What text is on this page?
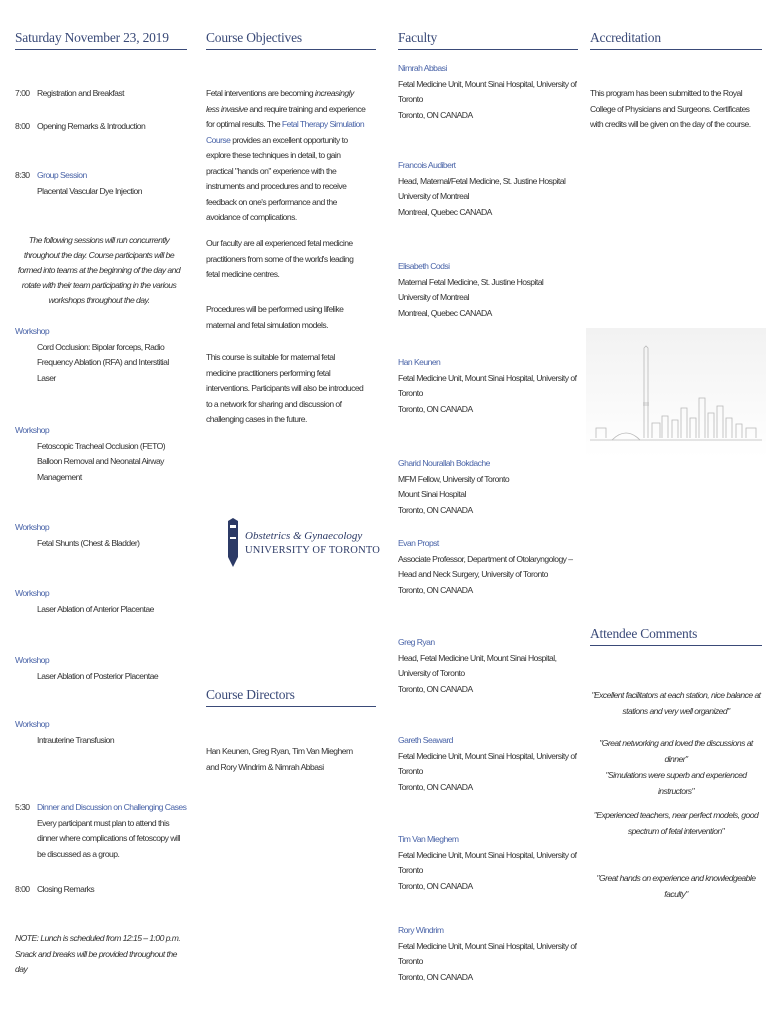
Saturday November 23, 2019
7:00 Registration and Breakfast
8:00 Opening Remarks & Introduction
8:30 Group Session
Placental Vascular Dye Injection
The following sessions will run concurrently throughout the day. Course participants will be formed into teams at the beginning of the day and rotate with their team participating in the various workshops throughout the day.
Workshop
Cord Occlusion: Bipolar forceps, Radio Frequency Ablation (RFA) and Interstitial Laser
Workshop
Fetoscopic Tracheal Occlusion (FETO) Balloon Removal and Neonatal Airway Management
Workshop
Fetal Shunts (Chest & Bladder)
Workshop
Laser Ablation of Anterior Placentae
Workshop
Laser Ablation of Posterior Placentae
Workshop
Intrauterine Transfusion
5:30 Dinner and Discussion on Challenging Cases
Every participant must plan to attend this dinner where complications of fetoscopy will be discussed as a group.
8:00 Closing Remarks
NOTE: Lunch is scheduled from 12:15 – 1:00 p.m. Snack and breaks will be provided throughout the day
Course Objectives
Fetal interventions are becoming increasingly less invasive and require training and experience for optimal results. The Fetal Therapy Simulation Course provides an excellent opportunity to explore these techniques in detail, to gain practical "hands on" experience with the instruments and procedures and to receive feedback on one's performance and the avoidance of complications.
Our faculty are all experienced fetal medicine practitioners from some of the world's leading fetal medicine centres.
Procedures will be performed using lifelike maternal and fetal simulation models.
This course is suitable for maternal fetal medicine practitioners performing fetal interventions. Participants will also be introduced to a network for sharing and discussion of challenging cases in the future.
Obstetrics & Gynaecology
UNIVERSITY OF TORONTO
Course Directors
Han Keunen, Greg Ryan, Tim Van Mieghem and Rory Windrim & Nimrah Abbasi
Faculty
Nimrah Abbasi
Fetal Medicine Unit, Mount Sinai Hospital, University of Toronto
Toronto, ON CANADA
Francois Audibert
Head, Maternal/Fetal Medicine, St. Justine Hospital
University of Montreal
Montreal, Quebec CANADA
Elisabeth Codsi
Maternal Fetal Medicine, St. Justine Hospital
University of Montreal
Montreal, Quebec CANADA
Han Keunen
Fetal Medicine Unit, Mount Sinai Hospital, University of Toronto
Toronto, ON CANADA
Gharid Nourallah Bokdache
MFM Fellow, University of Toronto
Mount Sinai Hospital
Toronto, ON CANADA
Evan Propst
Associate Professor, Department of Otolaryngology – Head and Neck Surgery, University of Toronto
Toronto, ON CANADA
Greg Ryan
Head, Fetal Medicine Unit, Mount Sinai Hospital, University of Toronto
Toronto, ON CANADA
Gareth Seaward
Fetal Medicine Unit, Mount Sinai Hospital, University of Toronto
Toronto, ON CANADA
Tim Van Mieghem
Fetal Medicine Unit, Mount Sinai Hospital, University of Toronto
Toronto, ON CANADA
Rory Windrim
Fetal Medicine Unit, Mount Sinai Hospital, University of Toronto
Toronto, ON CANADA
Accreditation
This program has been submitted to the Royal College of Physicians and Surgeons. Certificates with credits will be given on the day of the course.
Attendee Comments
"Excellent facilitators at each station, nice balance at stations and very well organized"
"Great networking and loved the discussions at dinner"
"Simulations were superb and experienced instructors"
"Experienced teachers, near perfect models, good spectrum of fetal intervention"
"Great hands on experience and knowledgeable faculty"
